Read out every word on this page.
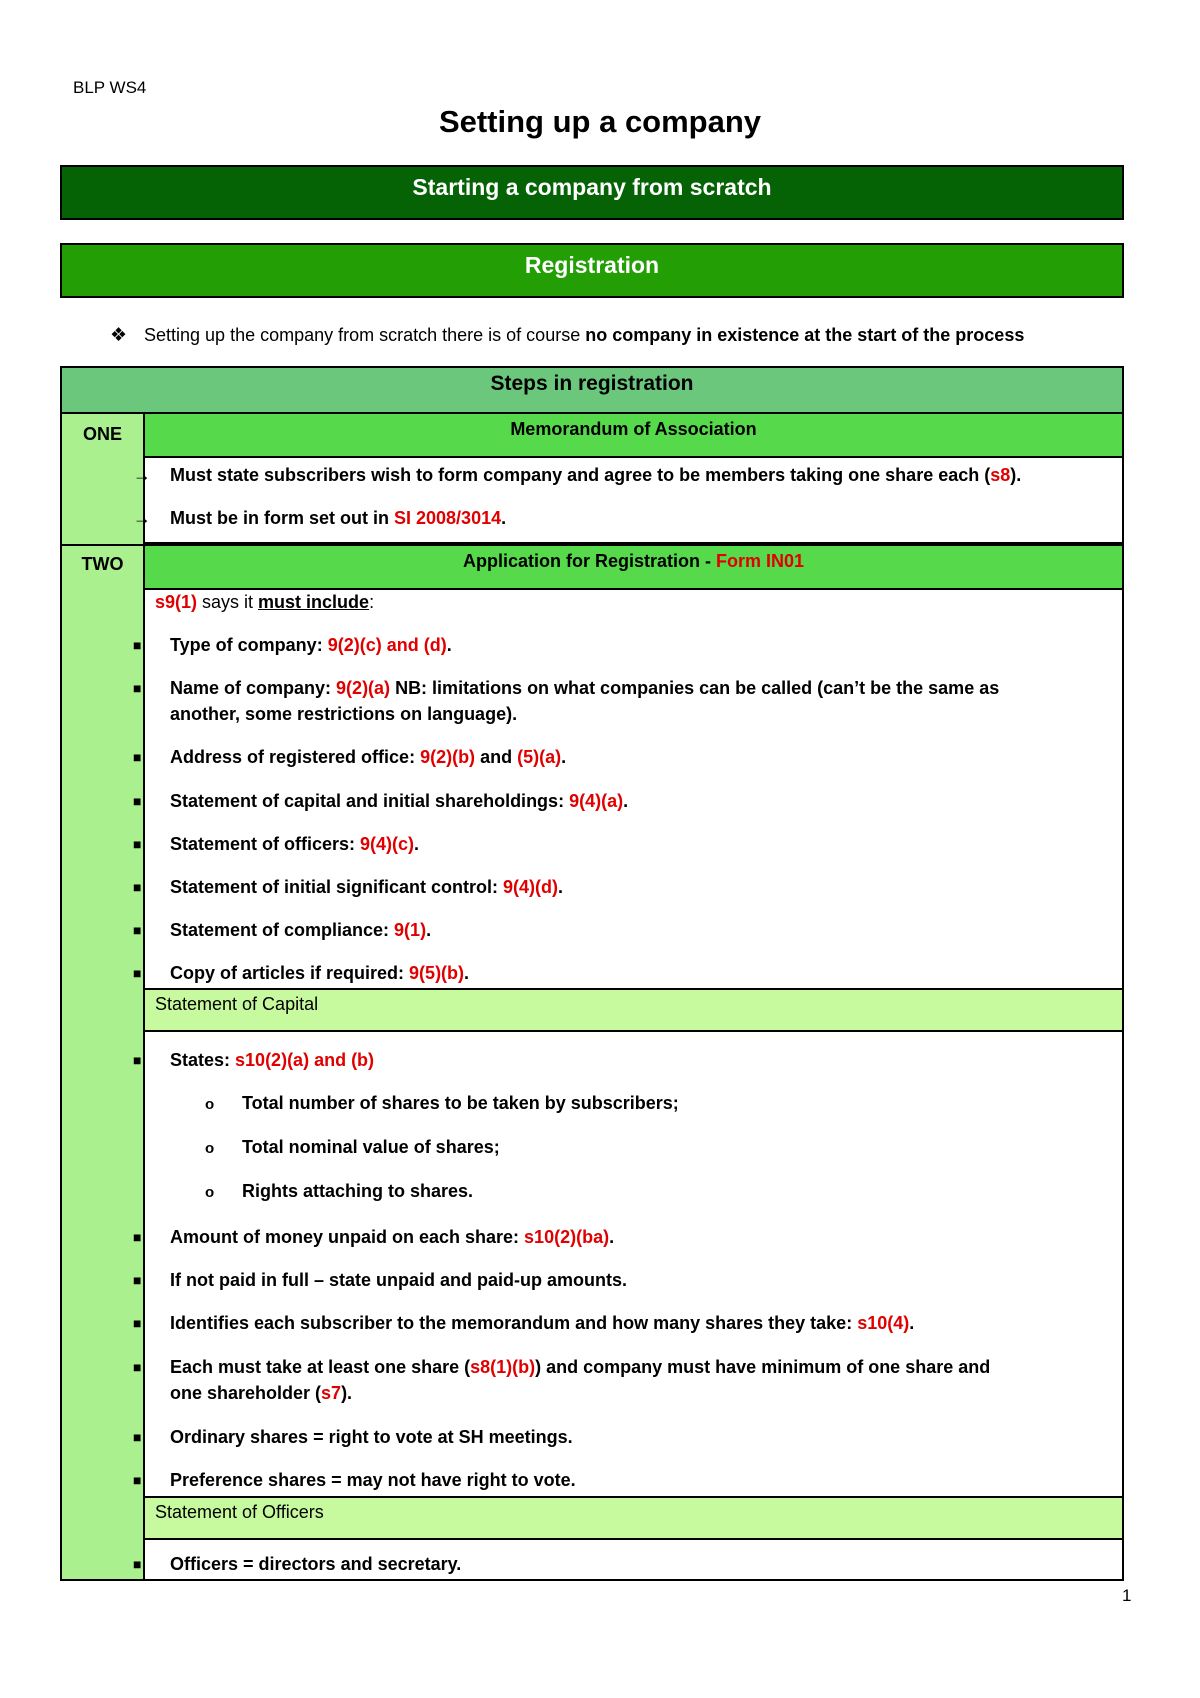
BLP WS4
Setting up a company
Starting a company from scratch
Registration
❖ Setting up the company from scratch there is of course no company in existence at the start of the process
Steps in registration
ONE
TWO
Memorandum of Association
Application for Registration - Form IN01
Statement of Capital
Statement of Officers
→ Must state subscribers wish to form company and agree to be members taking one share each (s8).
→ Must be in form set out in SI 2008/3014.
s9(1) says it must include:
■ Type of company: 9(2)(c) and (d).
■ Name of company: 9(2)(a) NB: limitations on what companies can be called (can’t be the same as another, some restrictions on language).
■ Address of registered office: 9(2)(b) and (5)(a).
■ Statement of capital and initial shareholdings: 9(4)(a).
■ Statement of officers: 9(4)(c).
■ Statement of initial significant control: 9(4)(d).
■ Statement of compliance: 9(1).
■ Copy of articles if required: 9(5)(b).
■ States: s10(2)(a) and (b)
o Total number of shares to be taken by subscribers;
o Total nominal value of shares;
o Rights attaching to shares.
■ Amount of money unpaid on each share: s10(2)(ba).
■ If not paid in full – state unpaid and paid-up amounts.
■ Identifies each subscriber to the memorandum and how many shares they take: s10(4).
■ Each must take at least one share (s8(1)(b)) and company must have minimum of one share and one shareholder (s7).
■ Ordinary shares = right to vote at SH meetings.
■ Preference shares = may not have right to vote.
■ Officers = directors and secretary.
1
